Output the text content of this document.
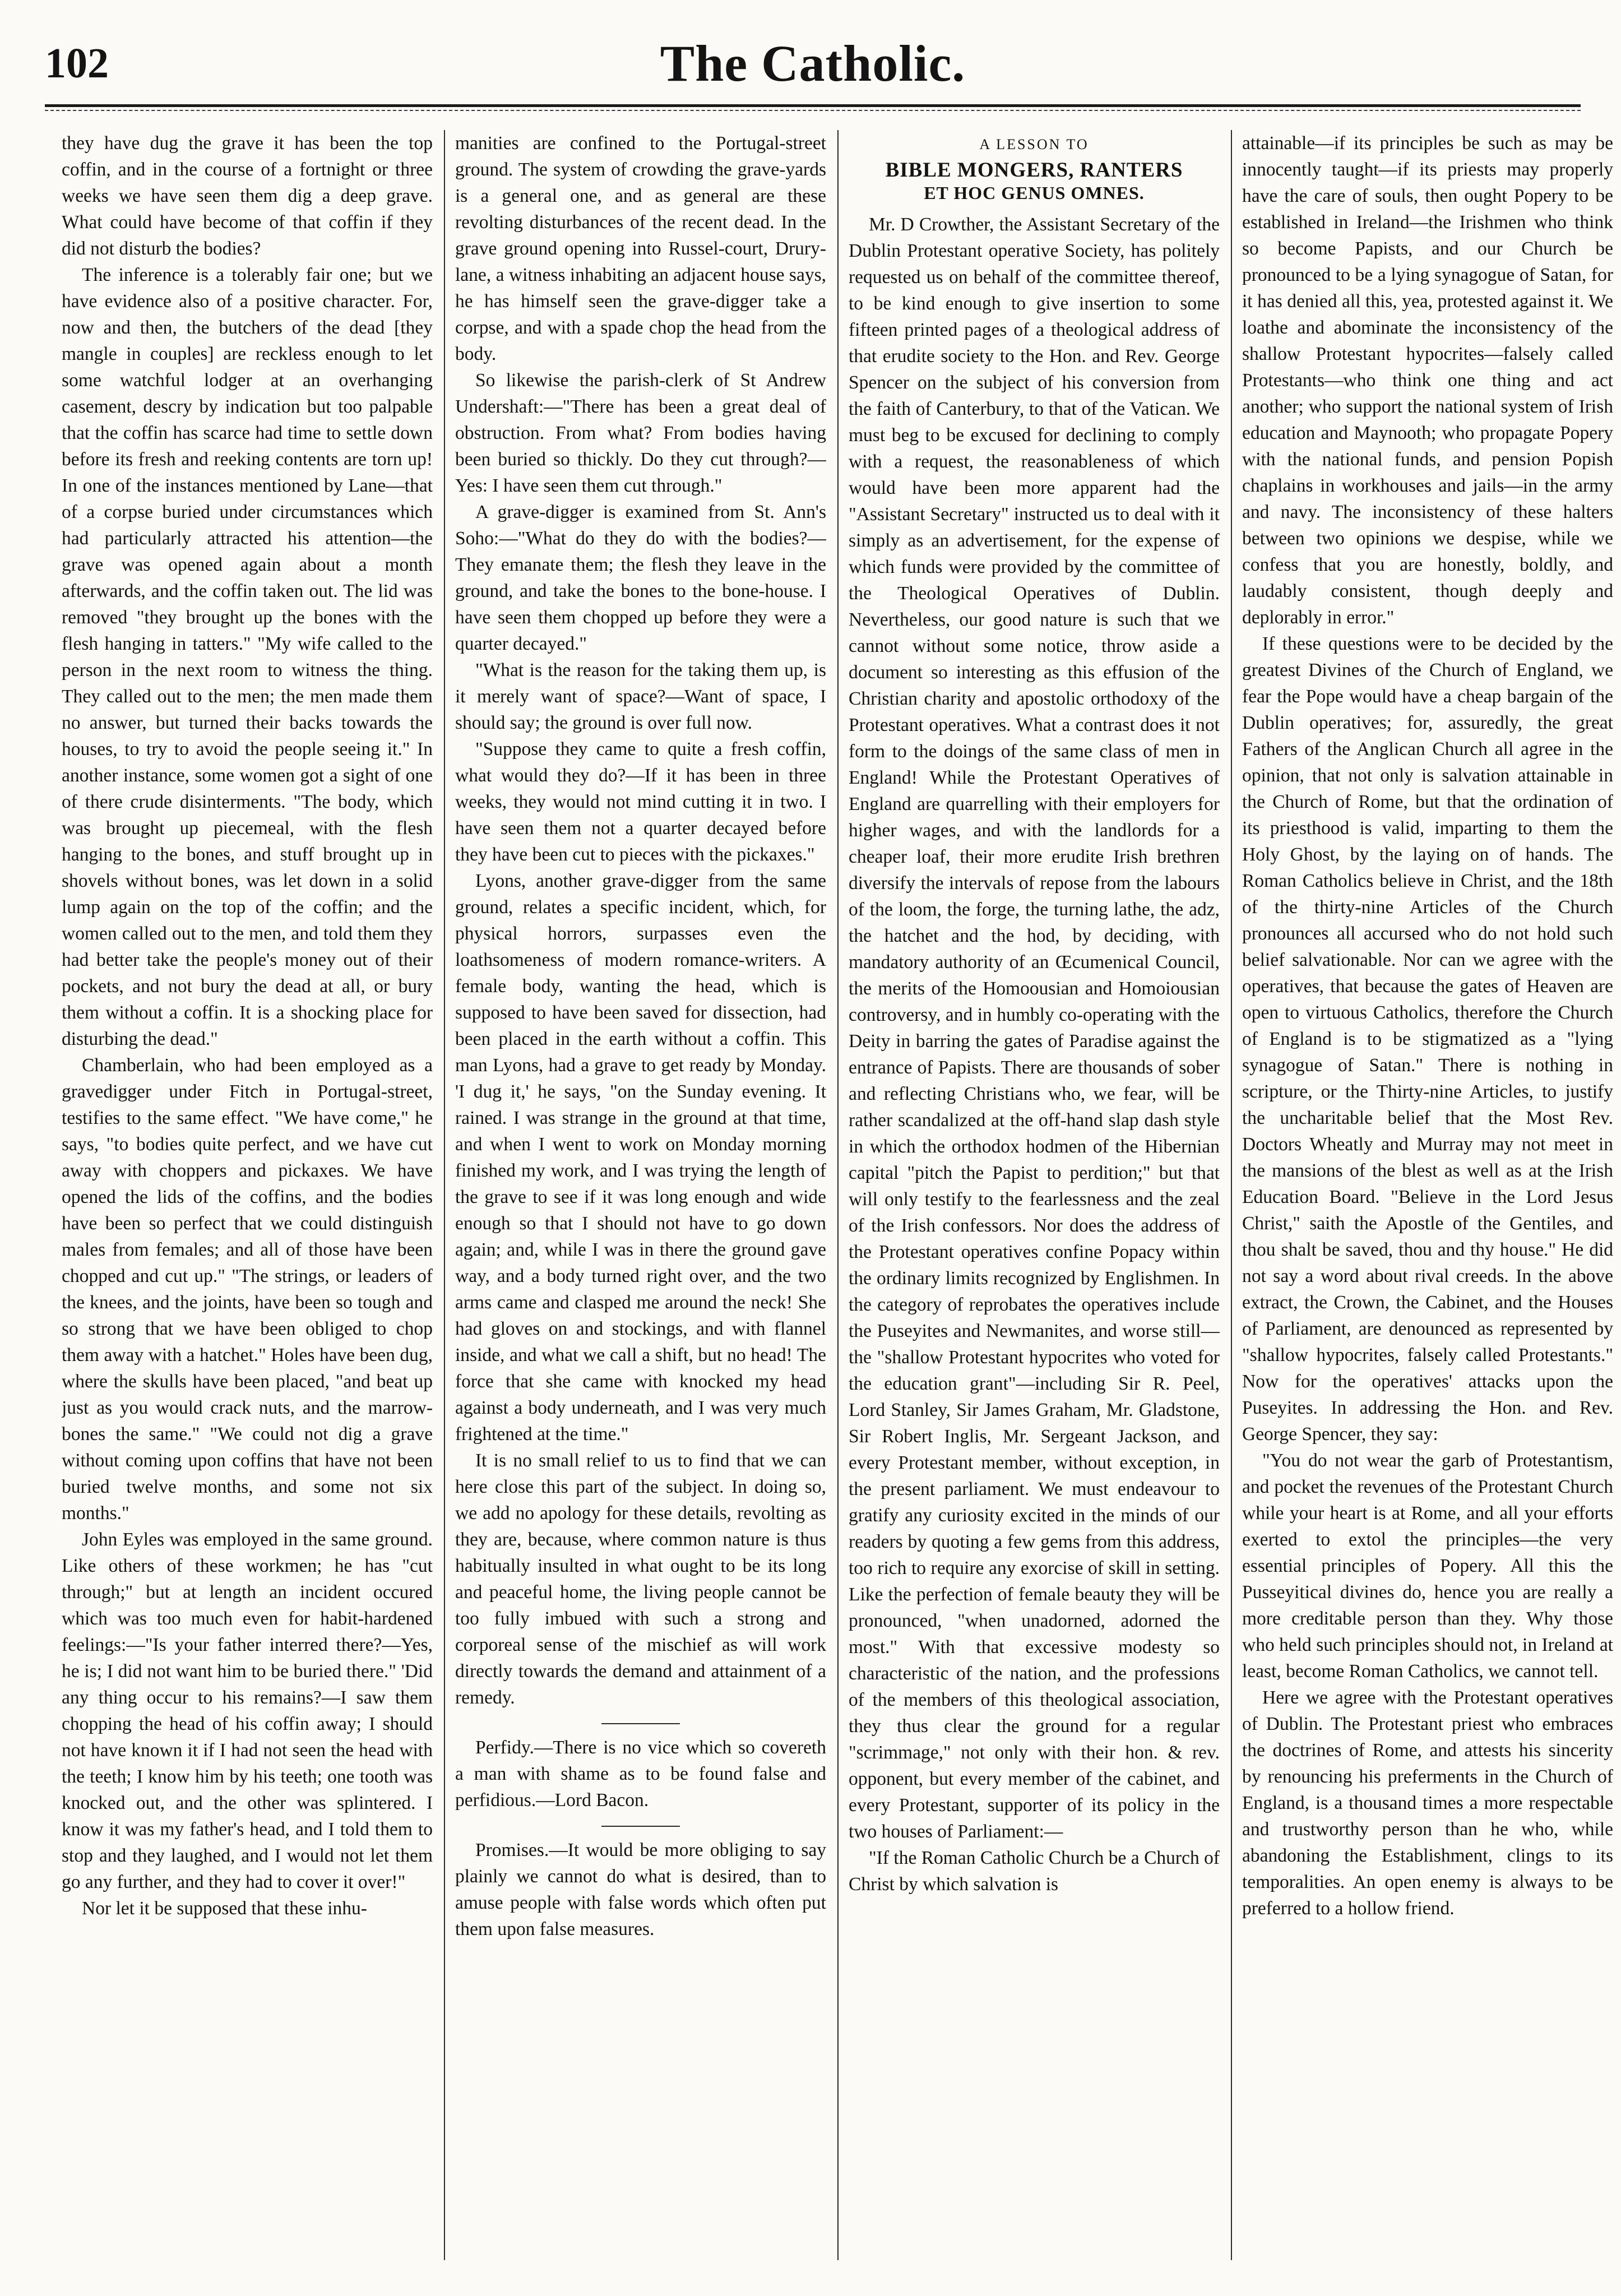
102	The Catholic.

they have dug the grave it has been the top coffin, and in the course of a fortnight or three weeks we have seen them dig a deep grave. What could have become of that coffin if they did not disturb the bodies?

The inference is a tolerably fair one; but we have evidence also of a positive character. For, now and then, the butchers of the dead [they mangle in couples] are reckless enough to let some watchful lodger at an overhanging casement, descry by indication but too palpable that the coffin has scarce had time to settle down before its fresh and reeking contents are torn up! In one of the instances mentioned by Lane—that of a corpse buried under circumstances which had particularly attracted his attention—the grave was opened again about a month afterwards, and the coffin taken out. The lid was removed "they brought up the bones with the flesh hanging in tatters." "My wife called to the person in the next room to witness the thing. They called out to the men; the men made them no answer, but turned their backs towards the houses, to try to avoid the people seeing it." In another instance, some women got a sight of one of there crude disinterments. "The body, which was brought up piecemeal, with the flesh hanging to the bones, and stuff brought up in shovels without bones, was let down in a solid lump again on the top of the coffin; and the women called out to the men, and told them they had better take the people's money out of their pockets, and not bury the dead at all, or bury them without a coffin. It is a shocking place for disturbing the dead."

Chamberlain, who had been employed as a gravedigger under Fitch in Portugal-street, testifies to the same effect. "We have come," he says, "to bodies quite perfect, and we have cut away with choppers and pickaxes. We have opened the lids of the coffins, and the bodies have been so perfect that we could distinguish males from females; and all of those have been chopped and cut up." "The strings, or leaders of the knees, and the joints, have been so tough and so strong that we have been obliged to chop them away with a hatchet." Holes have been dug, where the skulls have been placed, "and beat up just as you would crack nuts, and the marrow-bones the same." "We could not dig a grave without coming upon coffins that have not been buried twelve months, and some not six months."

John Eyles was employed in the same ground. Like others of these workmen; he has "cut through;" but at length an incident occured which was too much even for habit-hardened feelings:—"Is your father interred there?—Yes, he is; I did not want him to be buried there." 'Did any thing occur to his remains?—I saw them chopping the head of his coffin away; I should not have known it if I had not seen the head with the teeth; I know him by his teeth; one tooth was knocked out, and the other was splintered. I know it was my father's head, and I told them to stop and they laughed, and I would not let them go any further, and they had to cover it over!"

Nor let it be supposed that these inhu-

manities are confined to the Portugal-street ground. The system of crowding the grave-yards is a general one, and as general are these revolting disturbances of the recent dead. In the grave ground opening into Russel-court, Drury-lane, a witness inhabiting an adjacent house says, he has himself seen the grave-digger take a corpse, and with a spade chop the head from the body.

So likewise the parish-clerk of St Andrew Undershaft:—"There has been a great deal of obstruction. From what? From bodies having been buried so thickly. Do they cut through?—Yes: I have seen them cut through."

A grave-digger is examined from St. Ann's Soho:—"What do they do with the bodies?—They emanate them; the flesh they leave in the ground, and take the bones to the bone-house. I have seen them chopped up before they were a quarter decayed."

"What is the reason for the taking them up, is it merely want of space?—Want of space, I should say; the ground is over full now.

"Suppose they came to quite a fresh coffin, what would they do?—If it has been in three weeks, they would not mind cutting it in two. I have seen them not a quarter decayed before they have been cut to pieces with the pickaxes."

Lyons, another grave-digger from the same ground, relates a specific incident, which, for physical horrors, surpasses even the loathsomeness of modern romance-writers. A female body, wanting the head, which is supposed to have been saved for dissection, had been placed in the earth without a coffin. This man Lyons, had a grave to get ready by Monday. 'I dug it,' he says, "on the Sunday evening. It rained. I was strange in the ground at that time, and when I went to work on Monday morning finished my work, and I was trying the length of the grave to see if it was long enough and wide enough so that I should not have to go down again; and, while I was in there the ground gave way, and a body turned right over, and the two arms came and clasped me around the neck! She had gloves on and stockings, and with flannel inside, and what we call a shift, but no head! The force that she came with knocked my head against a body underneath, and I was very much frightened at the time."

It is no small relief to us to find that we can here close this part of the subject. In doing so, we add no apology for these details, revolting as they are, because, where common nature is thus habitually insulted in what ought to be its long and peaceful home, the living people cannot be too fully imbued with such a strong and corporeal sense of the mischief as will work directly towards the demand and attainment of a remedy.

Perfidy.—There is no vice which so covereth a man with shame as to be found false and perfidious.—Lord Bacon.

Promises.—It would be more obliging to say plainly we cannot do what is desired, than to amuse people with false words which often put them upon false measures.

A LESSON TO
BIBLE MONGERS, RANTERS
ET HOC GENUS OMNES.

Mr. D Crowther, the Assistant Secretary of the Dublin Protestant operative Society, has politely requested us on behalf of the committee thereof, to be kind enough to give insertion to some fifteen printed pages of a theological address of that erudite society to the Hon. and Rev. George Spencer on the subject of his conversion from the faith of Canterbury, to that of the Vatican. We must beg to be excused for declining to comply with a request, the reasonableness of which would have been more apparent had the "Assistant Secretary" instructed us to deal with it simply as an advertisement, for the expense of which funds were provided by the committee of the Theological Operatives of Dublin. Nevertheless, our good nature is such that we cannot without some notice, throw aside a document so interesting as this effusion of the Christian charity and apostolic orthodoxy of the Protestant operatives. What a contrast does it not form to the doings of the same class of men in England! While the Protestant Operatives of England are quarrelling with their employers for higher wages, and with the landlords for a cheaper loaf, their more erudite Irish brethren diversify the intervals of repose from the labours of the loom, the forge, the turning lathe, the adz, the hatchet and the hod, by deciding, with mandatory authority of an Œcumenical Council, the merits of the Homoousian and Homoiousian controversy, and in humbly co-operating with the Deity in barring the gates of Paradise against the entrance of Papists. There are thousands of sober and reflecting Christians who, we fear, will be rather scandalized at the off-hand slap dash style in which the orthodox hodmen of the Hibernian capital "pitch the Papist to perdition;" but that will only testify to the fearlessness and the zeal of the Irish confessors. Nor does the address of the Protestant operatives confine Popacy within the ordinary limits recognized by Englishmen. In the category of reprobates the operatives include the Puseyites and Newmanites, and worse still—the "shallow Protestant hypocrites who voted for the education grant"—including Sir R. Peel, Lord Stanley, Sir James Graham, Mr. Gladstone, Sir Robert Inglis, Mr. Sergeant Jackson, and every Protestant member, without exception, in the present parliament. We must endeavour to gratify any curiosity excited in the minds of our readers by quoting a few gems from this address, too rich to require any exorcise of skill in setting. Like the perfection of female beauty they will be pronounced, "when unadorned, adorned the most." With that excessive modesty so characteristic of the nation, and the professions of the members of this theological association, they thus clear the ground for a regular "scrimmage," not only with their hon. & rev. opponent, but every member of the cabinet, and every Protestant, supporter of its policy in the two houses of Parliament:—

"If the Roman Catholic Church be a Church of Christ by which salvation is

attainable—if its principles be such as may be innocently taught—if its priests may properly have the care of souls, then ought Popery to be established in Ireland—the Irishmen who think so become Papists, and our Church be pronounced to be a lying synagogue of Satan, for it has denied all this, yea, protested against it. We loathe and abominate the inconsistency of the shallow Protestant hypocrites—falsely called Protestants—who think one thing and act another; who support the national system of Irish education and Maynooth; who propagate Popery with the national funds, and pension Popish chaplains in workhouses and jails—in the army and navy. The inconsistency of these halters between two opinions we despise, while we confess that you are honestly, boldly, and laudably consistent, though deeply and deplorably in error."

If these questions were to be decided by the greatest Divines of the Church of England, we fear the Pope would have a cheap bargain of the Dublin operatives; for, assuredly, the great Fathers of the Anglican Church all agree in the opinion, that not only is salvation attainable in the Church of Rome, but that the ordination of its priesthood is valid, imparting to them the Holy Ghost, by the laying on of hands. The Roman Catholics believe in Christ, and the 18th of the thirty-nine Articles of the Church pronounces all accursed who do not hold such belief salvationable. Nor can we agree with the operatives, that because the gates of Heaven are open to virtuous Catholics, therefore the Church of England is to be stigmatized as a "lying synagogue of Satan." There is nothing in scripture, or the Thirty-nine Articles, to justify the uncharitable belief that the Most Rev. Doctors Wheatly and Murray may not meet in the mansions of the blest as well as at the Irish Education Board. "Believe in the Lord Jesus Christ," saith the Apostle of the Gentiles, and thou shalt be saved, thou and thy house." He did not say a word about rival creeds. In the above extract, the Crown, the Cabinet, and the Houses of Parliament, are denounced as represented by "shallow hypocrites, falsely called Protestants." Now for the operatives' attacks upon the Puseyites. In addressing the Hon. and Rev. George Spencer, they say:

"You do not wear the garb of Protestantism, and pocket the revenues of the Protestant Church while your heart is at Rome, and all your efforts exerted to extol the principles—the very essential principles of Popery. All this the Pusseyitical divines do, hence you are really a more creditable person than they. Why those who held such principles should not, in Ireland at least, become Roman Catholics, we cannot tell.

Here we agree with the Protestant operatives of Dublin. The Protestant priest who embraces the doctrines of Rome, and attests his sincerity by renouncing his preferments in the Church of England, is a thousand times a more respectable and trustworthy person than he who, while abandoning the Establishment, clings to its temporalities. An open enemy is always to be preferred to a hollow friend.
